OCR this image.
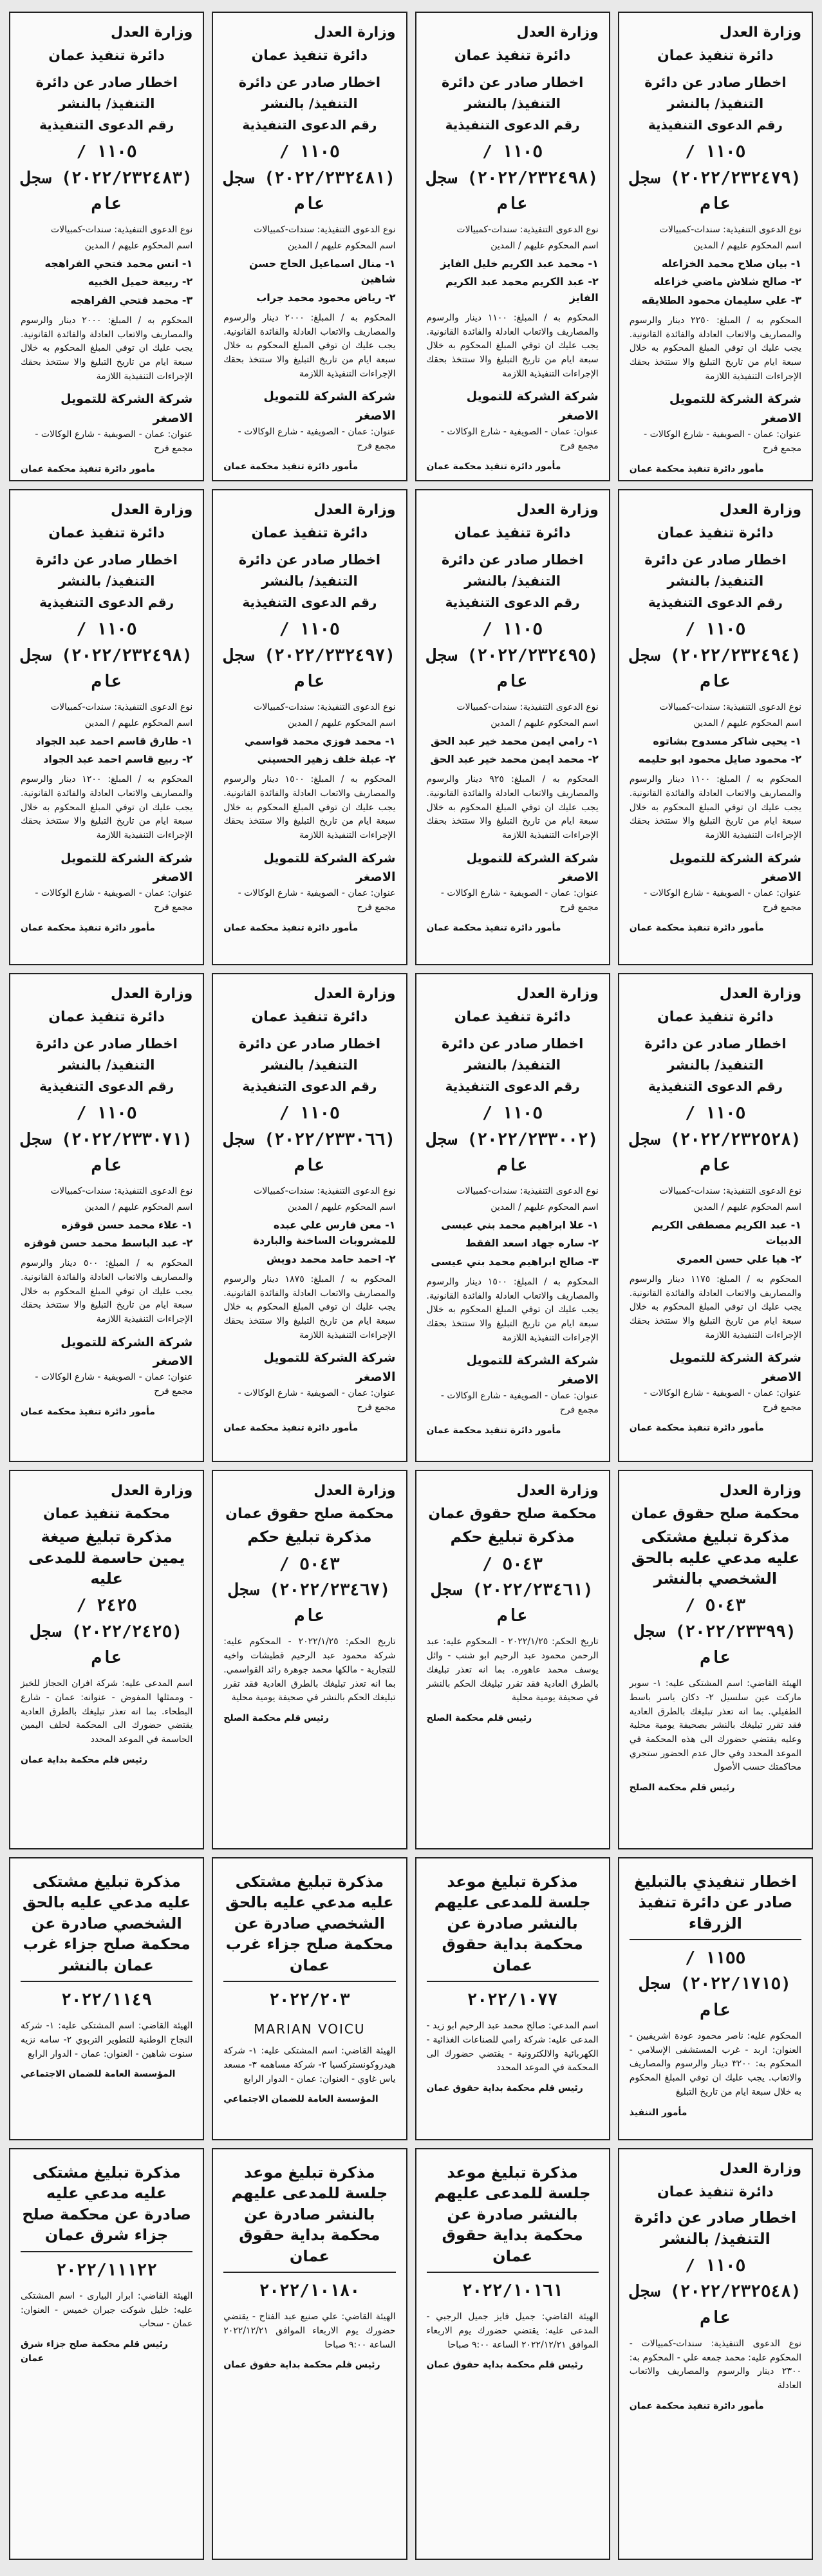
وزارة العدل
دائرة تنفيذ عمان
اخطار صادر عن دائرة التنفيذ/ بالنشر
رقم الدعوى التنفيذية
١١٠٥ / (٢٠٢٢/٢٣٢٤٧٩) سجل عام
نوع الدعوى التنفيذية: سندات-كمبيالات
اسم المحكوم عليهم / المدين
١- بيان صلاح محمد الخزاعله
٢- صالح شلاش ماضي خزاعله
٣- علي سليمان محمود الطلايقه
المحكوم به / المبلغ: ٢٢٥٠ دينار والرسوم والمصاريف والاتعاب العادلة والفائدة القانونية. يجب عليك ان توفي المبلغ المحكوم به خلال سبعة ايام من تاريخ التبليغ والا ستتخذ بحقك الإجراءات التنفيذية اللازمة
شركة الشركة للتمويل الاصغر
عنوان: عمان - الصويفية - شارع الوكالات - مجمع فرح
مأمور دائرة تنفيذ محكمة عمان
وزارة العدل
دائرة تنفيذ عمان
اخطار صادر عن دائرة التنفيذ/ بالنشر
رقم الدعوى التنفيذية
١١٠٥ / (٢٠٢٢/٢٣٢٤٩٨) سجل عام
نوع الدعوى التنفيذية: سندات-كمبيالات
اسم المحكوم عليهم / المدين
١- محمد عبد الكريم خليل الفايز
٢- عبد الكريم محمد عبد الكريم الفايز
المحكوم به / المبلغ: ١١٠٠ دينار والرسوم والمصاريف والاتعاب العادلة والفائدة القانونية. يجب عليك ان توفي المبلغ المحكوم به خلال سبعة ايام من تاريخ التبليغ والا ستتخذ بحقك الإجراءات التنفيذية اللازمة
شركة الشركة للتمويل الاصغر
عنوان: عمان - الصويفية - شارع الوكالات - مجمع فرح
مأمور دائرة تنفيذ محكمة عمان
وزارة العدل
دائرة تنفيذ عمان
اخطار صادر عن دائرة التنفيذ/ بالنشر
رقم الدعوى التنفيذية
١١٠٥ / (٢٠٢٢/٢٣٢٤٨١) سجل عام
نوع الدعوى التنفيذية: سندات-كمبيالات
اسم المحكوم عليهم / المدين
١- منال اسماعيل الحاج حسن شاهين
٢- رياض محمود محمد جراب
المحكوم به / المبلغ: ٢٠٠٠ دينار والرسوم والمصاريف والاتعاب العادلة والفائدة القانونية. يجب عليك ان توفي المبلغ المحكوم به خلال سبعة ايام من تاريخ التبليغ والا ستتخذ بحقك الإجراءات التنفيذية اللازمة
شركة الشركة للتمويل الاصغر
عنوان: عمان - الصويفية - شارع الوكالات - مجمع فرح
مأمور دائرة تنفيذ محكمة عمان
وزارة العدل
دائرة تنفيذ عمان
اخطار صادر عن دائرة التنفيذ/ بالنشر
رقم الدعوى التنفيذية
١١٠٥ / (٢٠٢٢/٢٣٢٤٨٣) سجل عام
نوع الدعوى التنفيذية: سندات-كمبيالات
اسم المحكوم عليهم / المدين
١- انس محمد فتحي الفراهجه
٢- ربيعة حميل الخبيه
٣- محمد فتحي الفراهجه
المحكوم به / المبلغ: ٢٠٠٠ دينار والرسوم والمصاريف والاتعاب العادلة والفائدة القانونية. يجب عليك ان توفي المبلغ المحكوم به خلال سبعة ايام من تاريخ التبليغ والا ستتخذ بحقك الإجراءات التنفيذية اللازمة
شركة الشركة للتمويل الاصغر
عنوان: عمان - الصويفية - شارع الوكالات - مجمع فرح
مأمور دائرة تنفيذ محكمة عمان
وزارة العدل
دائرة تنفيذ عمان
اخطار صادر عن دائرة التنفيذ/ بالنشر
رقم الدعوى التنفيذية
١١٠٥ / (٢٠٢٢/٢٣٢٤٩٤) سجل عام
نوع الدعوى التنفيذية: سندات-كمبيالات
اسم المحكوم عليهم / المدين
١- يحيى شاكر مسدوح بشاتوه
٢- محمود صايل محمود ابو حليمه
المحكوم به / المبلغ: ١١٠٠ دينار والرسوم والمصاريف والاتعاب العادلة والفائدة القانونية. يجب عليك ان توفي المبلغ المحكوم به خلال سبعة ايام من تاريخ التبليغ والا ستتخذ بحقك الإجراءات التنفيذية اللازمة
شركة الشركة للتمويل الاصغر
عنوان: عمان - الصويفية - شارع الوكالات - مجمع فرح
مأمور دائرة تنفيذ محكمة عمان
وزارة العدل
دائرة تنفيذ عمان
اخطار صادر عن دائرة التنفيذ/ بالنشر
رقم الدعوى التنفيذية
١١٠٥ / (٢٠٢٢/٢٣٢٤٩٥) سجل عام
نوع الدعوى التنفيذية: سندات-كمبيالات
اسم المحكوم عليهم / المدين
١- رامي ايمن محمد خير عبد الحق
٢- محمد ايمن محمد خير عبد الحق
المحكوم به / المبلغ: ٩٢٥ دينار والرسوم والمصاريف والاتعاب العادلة والفائدة القانونية. يجب عليك ان توفي المبلغ المحكوم به خلال سبعة ايام من تاريخ التبليغ والا ستتخذ بحقك الإجراءات التنفيذية اللازمة
شركة الشركة للتمويل الاصغر
عنوان: عمان - الصويفية - شارع الوكالات - مجمع فرح
مأمور دائرة تنفيذ محكمة عمان
وزارة العدل
دائرة تنفيذ عمان
اخطار صادر عن دائرة التنفيذ/ بالنشر
رقم الدعوى التنفيذية
١١٠٥ / (٢٠٢٢/٢٣٢٤٩٧) سجل عام
نوع الدعوى التنفيذية: سندات-كمبيالات
اسم المحكوم عليهم / المدين
١- محمد فوزي محمد قواسمي
٢- عبلة خلف زهير الحسيني
المحكوم به / المبلغ: ١٥٠٠ دينار والرسوم والمصاريف والاتعاب العادلة والفائدة القانونية. يجب عليك ان توفي المبلغ المحكوم به خلال سبعة ايام من تاريخ التبليغ والا ستتخذ بحقك الإجراءات التنفيذية اللازمة
شركة الشركة للتمويل الاصغر
عنوان: عمان - الصويفية - شارع الوكالات - مجمع فرح
مأمور دائرة تنفيذ محكمة عمان
وزارة العدل
دائرة تنفيذ عمان
اخطار صادر عن دائرة التنفيذ/ بالنشر
رقم الدعوى التنفيذية
١١٠٥ / (٢٠٢٢/٢٣٢٤٩٨) سجل عام
نوع الدعوى التنفيذية: سندات-كمبيالات
اسم المحكوم عليهم / المدين
١- طارق قاسم احمد عبد الجواد
٢- ربيع قاسم احمد عبد الجواد
المحكوم به / المبلغ: ١٢٠٠ دينار والرسوم والمصاريف والاتعاب العادلة والفائدة القانونية. يجب عليك ان توفي المبلغ المحكوم به خلال سبعة ايام من تاريخ التبليغ والا ستتخذ بحقك الإجراءات التنفيذية اللازمة
شركة الشركة للتمويل الاصغر
عنوان: عمان - الصويفية - شارع الوكالات - مجمع فرح
مأمور دائرة تنفيذ محكمة عمان
وزارة العدل
دائرة تنفيذ عمان
اخطار صادر عن دائرة التنفيذ/ بالنشر
رقم الدعوى التنفيذية
١١٠٥ / (٢٠٢٢/٢٣٢٥٢٨) سجل عام
نوع الدعوى التنفيذية: سندات-كمبيالات
اسم المحكوم عليهم / المدين
١- عبد الكريم مصطفى الكريم الدبيات
٢- هيا علي حسن العمري
المحكوم به / المبلغ: ١١٧٥ دينار والرسوم والمصاريف والاتعاب العادلة والفائدة القانونية. يجب عليك ان توفي المبلغ المحكوم به خلال سبعة ايام من تاريخ التبليغ والا ستتخذ بحقك الإجراءات التنفيذية اللازمة
شركة الشركة للتمويل الاصغر
عنوان: عمان - الصويفية - شارع الوكالات - مجمع فرح
مأمور دائرة تنفيذ محكمة عمان
وزارة العدل
دائرة تنفيذ عمان
اخطار صادر عن دائرة التنفيذ/ بالنشر
رقم الدعوى التنفيذية
١١٠٥ / (٢٠٢٢/٢٣٣٠٠٢) سجل عام
نوع الدعوى التنفيذية: سندات-كمبيالات
اسم المحكوم عليهم / المدين
١- علا ابراهيم محمد بني عيسى
٢- ساره جهاد اسعد الفقط
٣- صالح ابراهيم محمد بني عيسى
المحكوم به / المبلغ: ١٥٠٠ دينار والرسوم والمصاريف والاتعاب العادلة والفائدة القانونية. يجب عليك ان توفي المبلغ المحكوم به خلال سبعة ايام من تاريخ التبليغ والا ستتخذ بحقك الإجراءات التنفيذية اللازمة
شركة الشركة للتمويل الاصغر
عنوان: عمان - الصويفية - شارع الوكالات - مجمع فرح
مأمور دائرة تنفيذ محكمة عمان
وزارة العدل
دائرة تنفيذ عمان
اخطار صادر عن دائرة التنفيذ/ بالنشر
رقم الدعوى التنفيذية
١١٠٥ / (٢٠٢٢/٢٣٣٠٦٦) سجل عام
نوع الدعوى التنفيذية: سندات-كمبيالات
اسم المحكوم عليهم / المدين
١- معن فارس علي عبده للمشروبات الساخنة والباردة
٢- احمد حامد محمد دويش
المحكوم به / المبلغ: ١٨٧٥ دينار والرسوم والمصاريف والاتعاب العادلة والفائدة القانونية. يجب عليك ان توفي المبلغ المحكوم به خلال سبعة ايام من تاريخ التبليغ والا ستتخذ بحقك الإجراءات التنفيذية اللازمة
شركة الشركة للتمويل الاصغر
عنوان: عمان - الصويفية - شارع الوكالات - مجمع فرح
مأمور دائرة تنفيذ محكمة عمان
وزارة العدل
دائرة تنفيذ عمان
اخطار صادر عن دائرة التنفيذ/ بالنشر
رقم الدعوى التنفيذية
١١٠٥ / (٢٠٢٢/٢٣٣٠٧١) سجل عام
نوع الدعوى التنفيذية: سندات-كمبيالات
اسم المحكوم عليهم / المدين
١- علاء محمد حسن قوقزه
٢- عبد الباسط محمد حسن قوقزه
المحكوم به / المبلغ: ٥٠٠ دينار والرسوم والمصاريف والاتعاب العادلة والفائدة القانونية. يجب عليك ان توفي المبلغ المحكوم به خلال سبعة ايام من تاريخ التبليغ والا ستتخذ بحقك الإجراءات التنفيذية اللازمة
شركة الشركة للتمويل الاصغر
عنوان: عمان - الصويفية - شارع الوكالات - مجمع فرح
مأمور دائرة تنفيذ محكمة عمان
وزارة العدل
محكمة صلح حقوق عمان
مذكرة تبليغ مشتكى عليه مدعي عليه بالحق الشخصي بالنشر
٥٠٤٣ / (٢٠٢٢/٢٣٣٩٩) سجل عام
الهيئة القاضي: اسم المشتكى عليه: ١- سوبر ماركت عين سلسيل ٢- دكان ياسر باسط الطفيلي. بما انه تعذر تبليغك بالطرق العادية فقد تقرر تبليغك بالنشر بصحيفة يومية محلية وعليه يقتضي حضورك الى هذه المحكمة في الموعد المحدد وفي حال عدم الحضور ستجري محاكمتك حسب الأصول
رئيس قلم محكمة الصلح
وزارة العدل
محكمة صلح حقوق عمان
مذكرة تبليغ حكم
٥٠٤٣ / (٢٠٢٢/٢٣٤٦١) سجل عام
تاريخ الحكم: ٢٠٢٢/١/٢٥ - المحكوم عليه: عبد الرحمن محمود عبد الرحيم ابو شنب - وائل يوسف محمد عاهوره. بما انه تعذر تبليغك بالطرق العادية فقد تقرر تبليغك الحكم بالنشر في صحيفة يومية محلية
رئيس قلم محكمة الصلح
وزارة العدل
محكمة صلح حقوق عمان
مذكرة تبليغ حكم
٥٠٤٣ / (٢٠٢٢/٢٣٤٦٧) سجل عام
تاريخ الحكم: ٢٠٢٢/١/٢٥ - المحكوم عليه: شركة محمود عبد الرحيم قطيشات واخيه للتجارية - مالكها محمد جوهرة رائد القواسمي. بما انه تعذر تبليغك بالطرق العادية فقد تقرر تبليغك الحكم بالنشر في صحيفة يومية محلية
رئيس قلم محكمة الصلح
وزارة العدل
محكمة تنفيذ عمان
مذكرة تبليغ صيغة يمين حاسمة للمدعى عليه
٢٤٢٥ / (٢٠٢٢/٢٤٢٥) سجل عام
اسم المدعى عليه: شركة افران الحجاز للخبز - وممثلها المفوض - عنوانه: عمان - شارع البطحاء. بما انه تعذر تبليغك بالطرق العادية يقتضي حضورك الى المحكمة لحلف اليمين الحاسمة في الموعد المحدد
رئيس قلم محكمة بداية عمان
اخطار تنفيذي بالتبليغ صادر عن دائرة تنفيذ الزرقاء
١١٥٥ / (٢٠٢٢/١٧١٥) سجل عام
المحكوم عليه: ناصر محمود عودة اشريفيين - العنوان: اربد - غرب المستشفى الإسلامي - المحكوم به: ٣٢٠٠ دينار والرسوم والمصاريف والاتعاب. يجب عليك ان توفي المبلغ المحكوم به خلال سبعة ايام من تاريخ التبليغ
مأمور التنفيذ
مذكرة تبليغ موعد جلسة للمدعى عليهم بالنشر صادرة عن محكمة بداية حقوق عمان
٢٠٢٢/١٠٧٧
اسم المدعي: صالح محمد عبد الرحيم ابو زيد - المدعى عليه: شركة رامي للصناعات الغذائية - الكهربائية والالكترونية - يقتضي حضورك الى المحكمة في الموعد المحدد
رئيس قلم محكمة بداية حقوق عمان
مذكرة تبليغ مشتكى عليه مدعي عليه بالحق الشخصي صادرة عن محكمة صلح جزاء غرب عمان
٢٠٢٢/٢٠٣
MARIAN VOICU
الهيئة القاضي: اسم المشتكى عليه: ١- شركة هيدروكونستركسيا ٢- شركة مساهمه ٣- مسعد ياس غاوي - العنوان: عمان - الدوار الرابع
المؤسسة العامة للضمان الاجتماعي
مذكرة تبليغ مشتكى عليه مدعي عليه بالحق الشخصي صادرة عن محكمة صلح جزاء غرب عمان بالنشر
٢٠٢٢/١١٤٩
الهيئة القاضي: اسم المشتكى عليه: ١- شركة النجاح الوطنية للتطوير التربوي ٢- سامه نزيه سنوت شاهين - العنوان: عمان - الدوار الرابع
المؤسسة العامة للضمان الاجتماعي
وزارة العدل
دائرة تنفيذ عمان
اخطار صادر عن دائرة التنفيذ/ بالنشر
١١٠٥ / (٢٠٢٢/٢٣٢٥٤٨) سجل عام
نوع الدعوى التنفيذية: سندات-كمبيالات - المحكوم عليه: محمد جمعه علي - المحكوم به: ٢٣٠٠ دينار والرسوم والمصاريف والاتعاب العادلة
مأمور دائرة تنفيذ محكمة عمان
مذكرة تبليغ موعد جلسة للمدعى عليهم بالنشر صادرة عن محكمة بداية حقوق عمان
٢٠٢٢/١٠١٦١
الهيئة القاضي: جميل فايز جميل الرجبي - المدعى عليه: يقتضي حضورك يوم الاربعاء الموافق ٢٠٢٢/١٢/٢١ الساعة ٩:٠٠ صباحا
رئيس قلم محكمة بداية حقوق عمان
مذكرة تبليغ موعد جلسة للمدعى عليهم بالنشر صادرة عن محكمة بداية حقوق عمان
٢٠٢٢/١٠١٨٠
الهيئة القاضي: علي صنيع عبد الفتاح - يقتضي حضورك يوم الاربعاء الموافق ٢٠٢٢/١٢/٢١ الساعة ٩:٠٠ صباحا
رئيس قلم محكمة بداية حقوق عمان
مذكرة تبليغ مشتكى عليه مدعي عليه صادرة عن محكمة صلح جزاء شرق عمان
٢٠٢٢/١١١٢٢
الهيئة القاضي: ابرار البيارى - اسم المشتكى عليه: خليل شوكت جبران خميس - العنوان: عمان - سحاب
رئيس قلم محكمة صلح جزاء شرق عمان
